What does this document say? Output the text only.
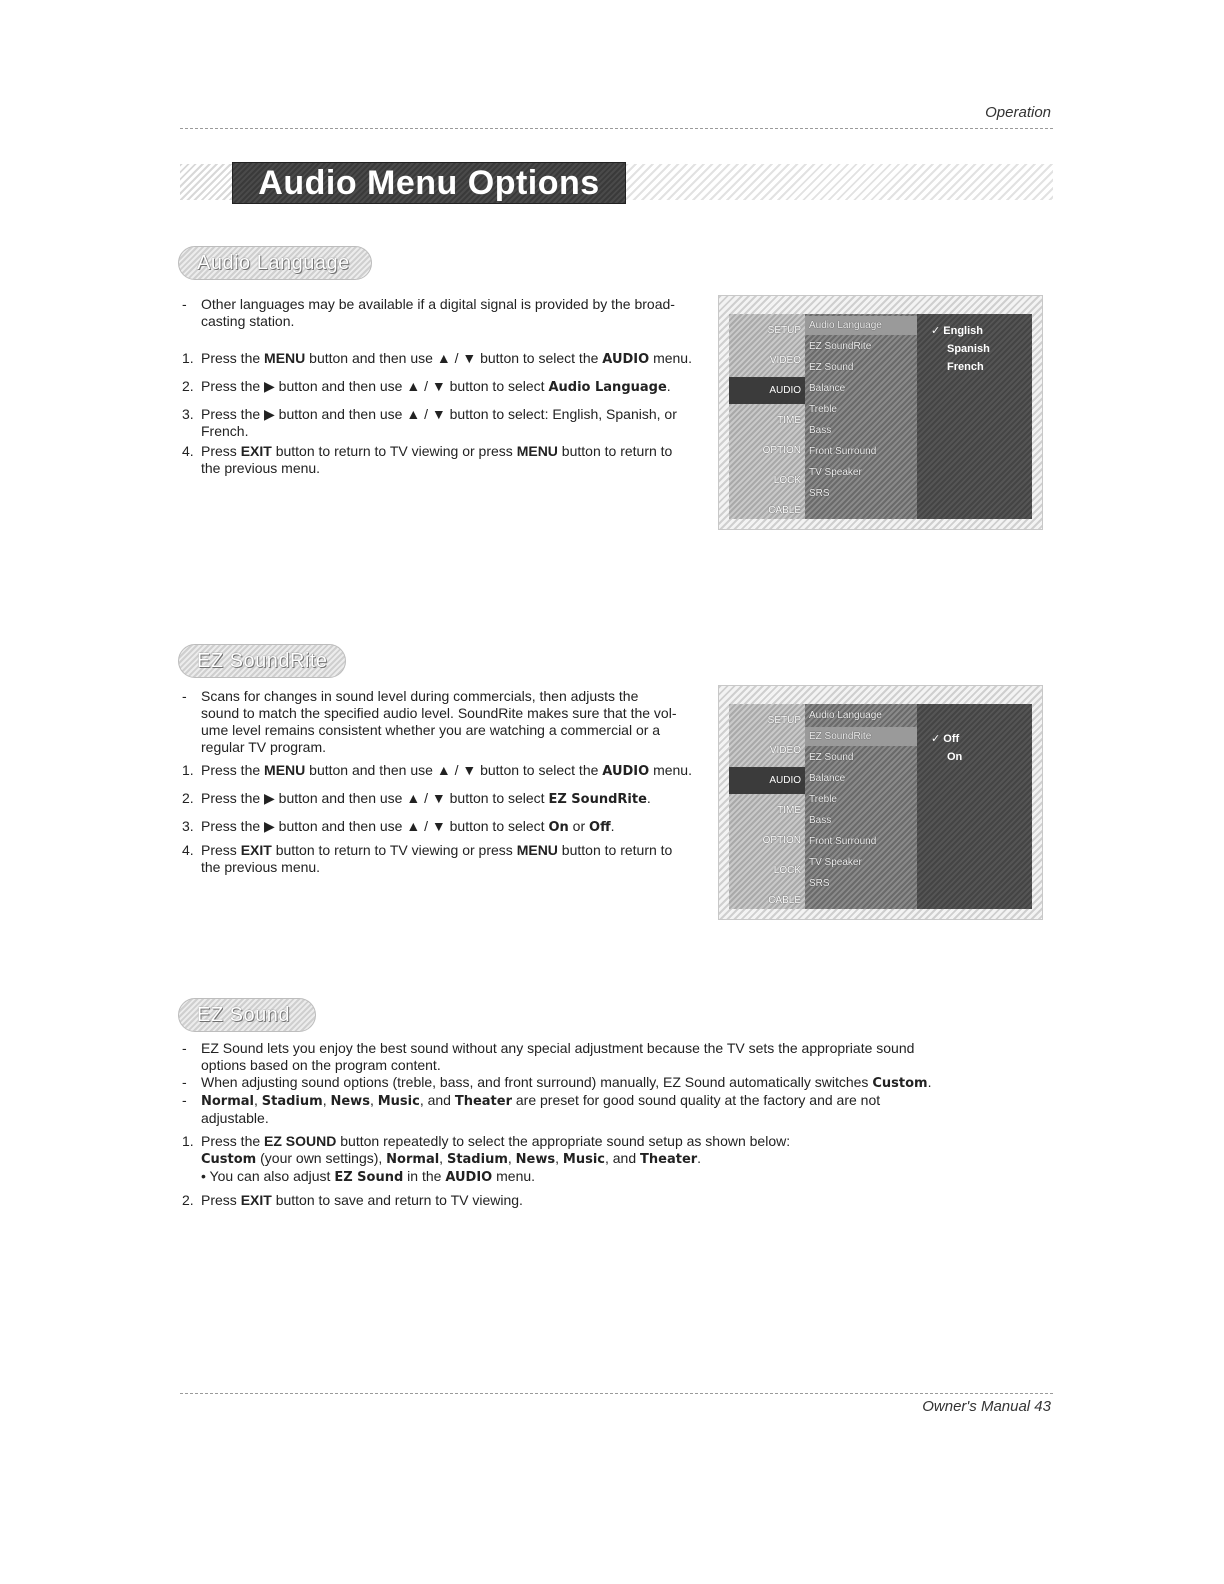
Operation
Audio Menu Options
Audio Language

- Other languages may be available if a digital signal is provided by the broad-
casting station.

1. Press the MENU button and then use ▲ / ▼ button to select the AUDIO menu.

2. Press the ▶ button and then use ▲ / ▼ button to select Audio Language.

3. Press the ▶ button and then use ▲ / ▼ button to select: English, Spanish, or
French.

4. Press EXIT button to return to TV viewing or press MENU button to return to
the previous menu.

SETUP
VIDEO
AUDIO
TIME
OPTION
LOCK
CABLE
Audio Language
EZ SoundRite
EZ Sound
Balance
Treble
Bass
Front Surround
TV Speaker
SRS
✓ English
Spanish
French
EZ SoundRite

- Scans for changes in sound level during commercials, then adjusts the
sound to match the specified audio level. SoundRite makes sure that the vol-
ume level remains consistent whether you are watching a commercial or a
regular TV program.

1. Press the MENU button and then use ▲ / ▼ button to select the AUDIO menu.

2. Press the ▶ button and then use ▲ / ▼ button to select EZ SoundRite.

3. Press the ▶ button and then use ▲ / ▼ button to select On or Off.

4. Press EXIT button to return to TV viewing or press MENU button to return to
the previous menu.

SETUP
VIDEO
AUDIO
TIME
OPTION
LOCK
CABLE
Audio Language
EZ SoundRite
EZ Sound
Balance
Treble
Bass
Front Surround
TV Speaker
SRS
✓ Off
On
EZ Sound

- EZ Sound lets you enjoy the best sound without any special adjustment because the TV sets the appropriate sound
options based on the program content.

- When adjusting sound options (treble, bass, and front surround) manually, EZ Sound automatically switches Custom.

- Normal, Stadium, News, Music, and Theater are preset for good sound quality at the factory and are not
adjustable.

1. Press the EZ SOUND button repeatedly to select the appropriate sound setup as shown below:
Custom (your own settings), Normal, Stadium, News, Music, and Theater.
• You can also adjust EZ Sound in the AUDIO menu.

2. Press EXIT button to save and return to TV viewing.

Owner's Manual 43
